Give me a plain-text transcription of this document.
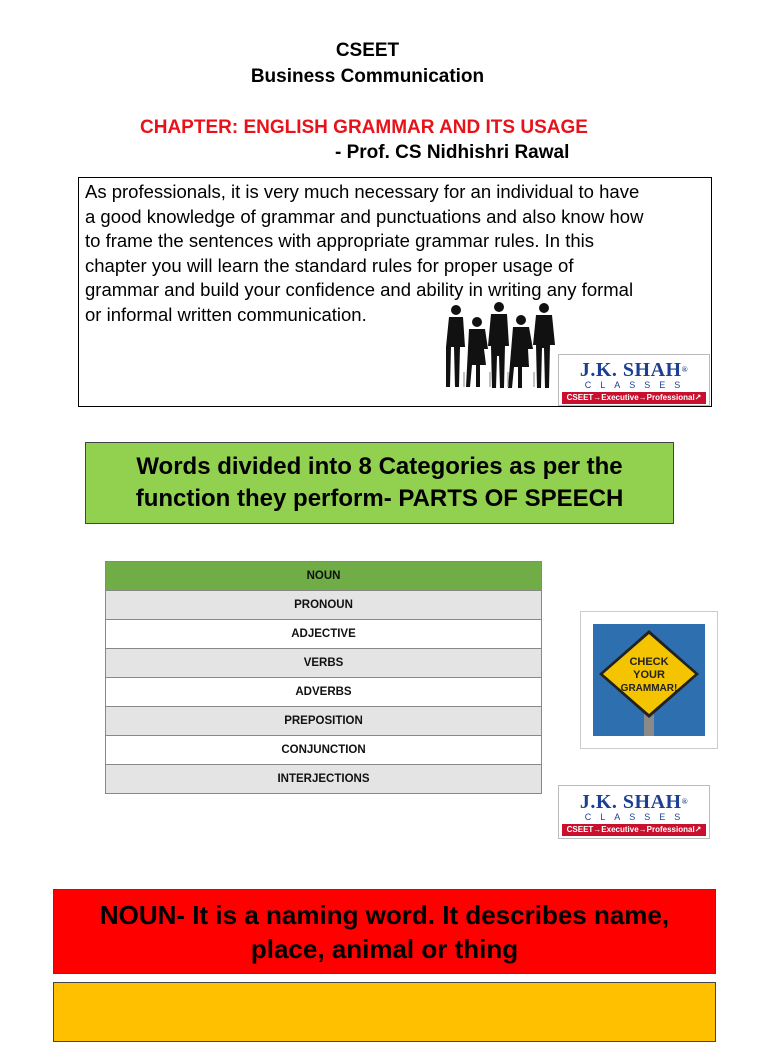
CSEET
Business Communication
CHAPTER: ENGLISH GRAMMAR AND ITS USAGE
- Prof. CS Nidhishri Rawal

As professionals, it is very much necessary for an individual to have
a good knowledge of grammar and punctuations and also know how
to frame the sentences with appropriate grammar rules. In this
chapter you will learn the standard rules for proper usage of
grammar and build your confidence and ability in writing any formal
or informal written communication.

J.K. SHAH®
CLASSES
CSEET→Executive→Professional↗

Words divided into 8 Categories as per the
function they perform- PARTS OF SPEECH

NOUN
PRONOUN
ADJECTIVE
VERBS
ADVERBS
PREPOSITION
CONJUNCTION
INTERJECTIONS
CHECK
YOUR
GRAMMAR!
J.K. SHAH®
CLASSES
CSEET→Executive→Professional↗

NOUN- It is a naming word. It describes name,
place, animal or thing
